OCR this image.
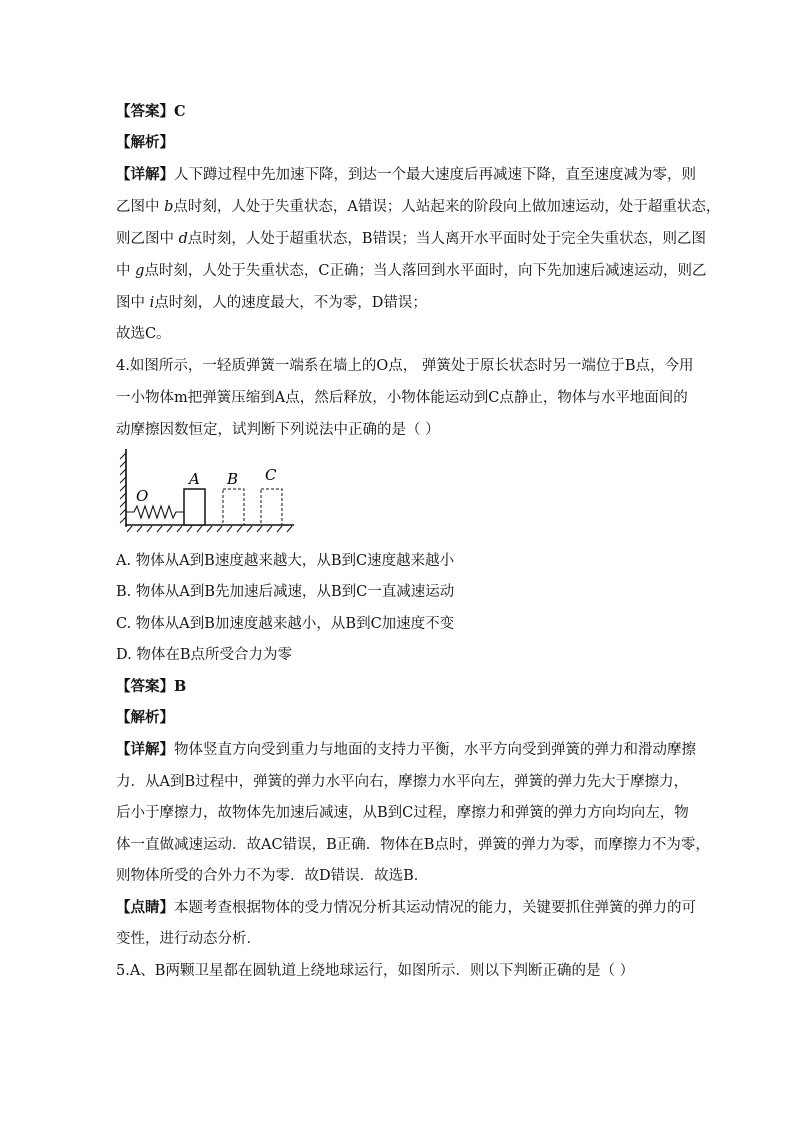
【答案】C
【解析】
【详解】人下蹲过程中先加速下降，到达一个最大速度后再减速下降，直至速度减为零，则
乙图中 b点时刻，人处于失重状态，A错误；人站起来的阶段向上做加速运动，处于超重状态，
则乙图中 d点时刻，人处于超重状态，B错误；当人离开水平面时处于完全失重状态，则乙图
中 g点时刻，人处于失重状态，C正确；当人落回到水平面时，向下先加速后减速运动，则乙
图中 i点时刻，人的速度最大，不为零，D错误；
故选C。
4.如图所示，一轻质弹簧一端系在墙上的O点， 弹簧处于原长状态时另一端位于B点，今用
一小物体m把弹簧压缩到A点，然后释放，小物体能运动到C点静止，物体与水平地面间的
动摩擦因数恒定，试判断下列说法中正确的是（ ）
O
A B C
A. 物体从A到B速度越来越大，从B到C速度越来越小
B. 物体从A到B先加速后减速，从B到C一直减速运动
C. 物体从A到B加速度越来越小，从B到C加速度不变
D. 物体在B点所受合力为零
【答案】B
【解析】
【详解】物体竖直方向受到重力与地面的支持力平衡，水平方向受到弹簧的弹力和滑动摩擦
力．从A到B过程中，弹簧的弹力水平向右，摩擦力水平向左，弹簧的弹力先大于摩擦力，
后小于摩擦力，故物体先加速后减速，从B到C过程，摩擦力和弹簧的弹力方向均向左，物
体一直做减速运动．故AC错误，B正确．物体在B点时，弹簧的弹力为零，而摩擦力不为零，
则物体所受的合外力不为零．故D错误．故选B．
【点睛】本题考查根据物体的受力情况分析其运动情况的能力，关键要抓住弹簧的弹力的可
变性，进行动态分析．
5.A、B两颗卫星都在圆轨道上绕地球运行，如图所示．则以下判断正确的是（ ）
